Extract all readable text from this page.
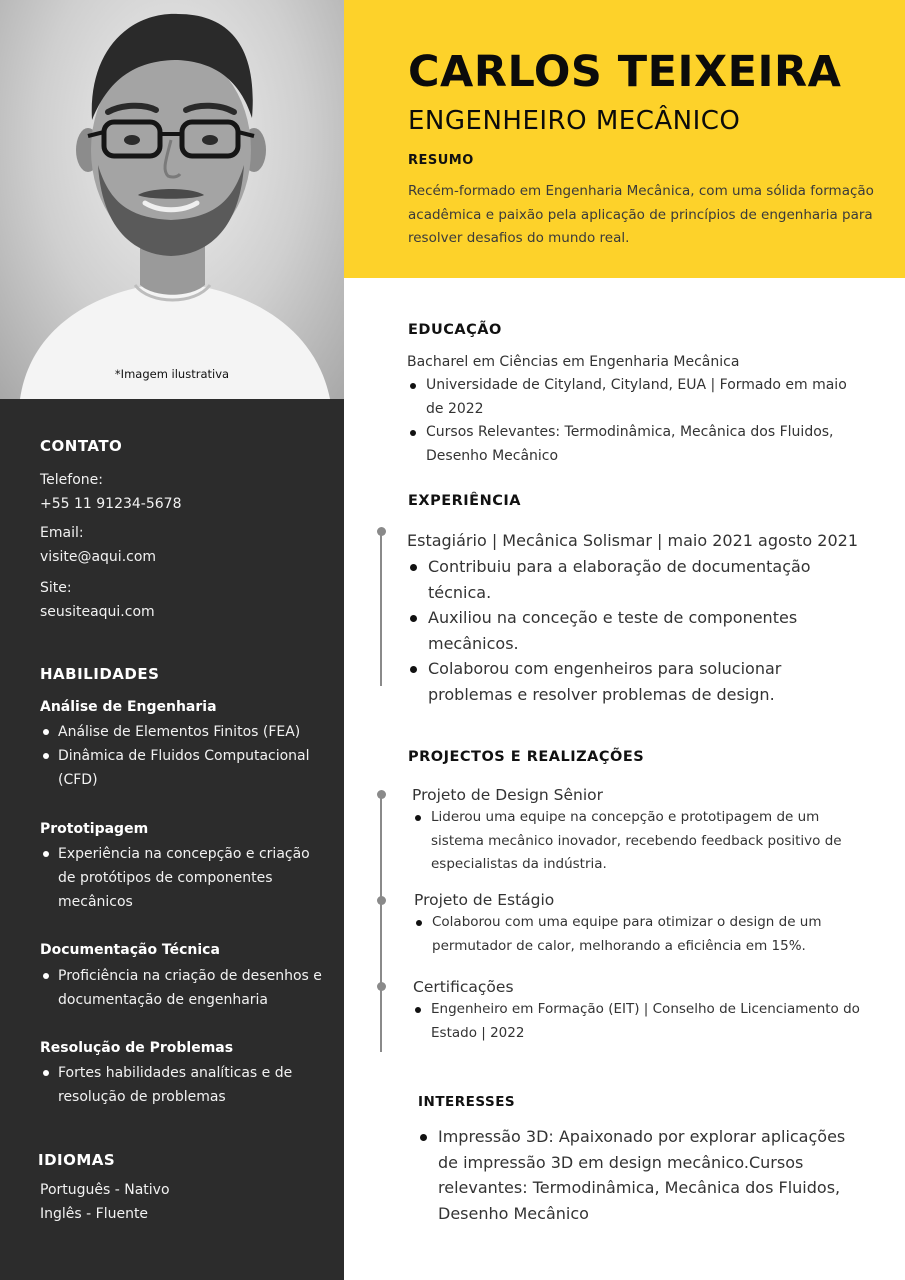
*Imagem ilustrativa
CONTATO
Telefone:
+55 11 91234-5678
Email:
visite@aqui.com
Site:
seusiteaqui.com
HABILIDADES
Análise de Engenharia
Análise de Elementos Finitos (FEA)
Dinâmica de Fluidos Computacional (CFD)
Prototipagem
Experiência na concepção e criação de protótipos de componentes mecânicos
Documentação Técnica
Proficiência na criação de desenhos e documentação de engenharia
Resolução de Problemas
Fortes habilidades analíticas e de resolução de problemas
IDIOMAS
Português - Nativo
Inglês - Fluente
CARLOS TEIXEIRA
ENGENHEIRO MECÂNICO
RESUMO
Recém-formado em Engenharia Mecânica, com uma sólida formação acadêmica e paixão pela aplicação de princípios de engenharia para resolver desafios do mundo real.
EDUCAÇÃO
Bacharel em Ciências em Engenharia Mecânica
Universidade de Cityland, Cityland, EUA | Formado em maio de 2022
Cursos Relevantes: Termodinâmica, Mecânica dos Fluidos, Desenho Mecânico
EXPERIÊNCIA
Estagiário | Mecânica Solismar | maio 2021 agosto 2021
Contribuiu para a elaboração de documentação técnica.
Auxiliou na conceção e teste de componentes mecânicos.
Colaborou com engenheiros para solucionar problemas e resolver problemas de design.
PROJECTOS E REALIZAÇÕES
Projeto de Design Sênior
Liderou uma equipe na concepção e prototipagem de um sistema mecânico inovador, recebendo feedback positivo de especialistas da indústria.
Projeto de Estágio
Colaborou com uma equipe para otimizar o design de um permutador de calor, melhorando a eficiência em 15%.
Certificações
Engenheiro em Formação (EIT) | Conselho de Licenciamento do Estado | 2022
INTERESSES
Impressão 3D: Apaixonado por explorar aplicações de impressão 3D em design mecânico.Cursos relevantes: Termodinâmica, Mecânica dos Fluidos, Desenho Mecânico
